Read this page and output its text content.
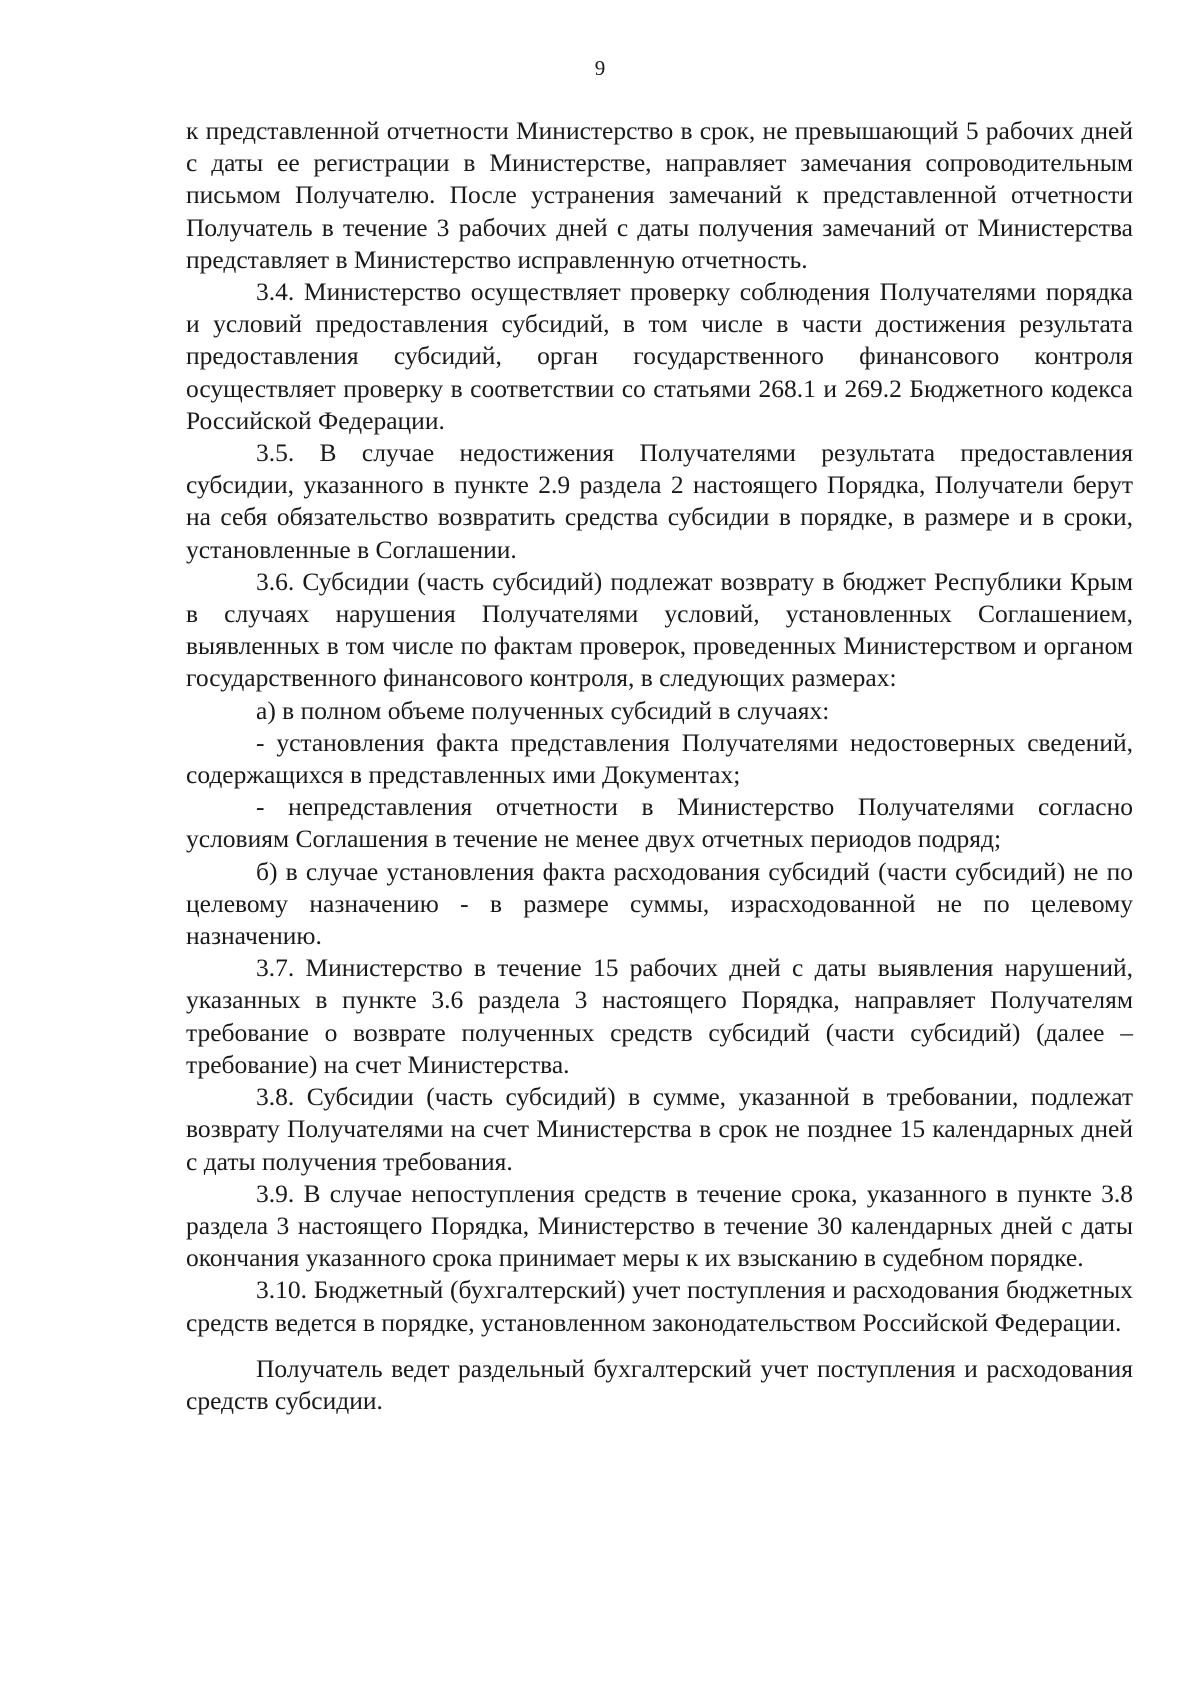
9

к представленной отчетности Министерство в срок, не превышающий 5 рабочих дней с даты ее регистрации в Министерстве, направляет замечания сопроводительным письмом Получателю. После устранения замечаний к представленной отчетности Получатель в течение 3 рабочих дней с даты получения замечаний от Министерства представляет в Министерство исправленную отчетность.

3.4. Министерство осуществляет проверку соблюдения Получателями порядка и условий предоставления субсидий, в том числе в части достижения результата предоставления субсидий, орган государственного финансового контроля осуществляет проверку в соответствии со статьями 268.1 и 269.2 Бюджетного кодекса Российской Федерации.

3.5. В случае недостижения Получателями результата предоставления субсидии, указанного в пункте 2.9 раздела 2 настоящего Порядка, Получатели берут на себя обязательство возвратить средства субсидии в порядке, в размере и в сроки, установленные в Соглашении.

3.6. Субсидии (часть субсидий) подлежат возврату в бюджет Республики Крым в случаях нарушения Получателями условий, установленных Соглашением, выявленных в том числе по фактам проверок, проведенных Министерством и органом государственного финансового контроля, в следующих размерах:

а) в полном объеме полученных субсидий в случаях:

- установления факта представления Получателями недостоверных сведений, содержащихся в представленных ими Документах;

- непредставления отчетности в Министерство Получателями согласно условиям Соглашения в течение не менее двух отчетных периодов подряд;

б) в случае установления факта расходования субсидий (части субсидий) не по целевому назначению - в размере суммы, израсходованной не по целевому назначению.

3.7. Министерство в течение 15 рабочих дней с даты выявления нарушений, указанных в пункте 3.6 раздела 3 настоящего Порядка, направляет Получателям требование о возврате полученных средств субсидий (части субсидий) (далее – требование) на счет Министерства.

3.8. Субсидии (часть субсидий) в сумме, указанной в требовании, подлежат возврату Получателями на счет Министерства в срок не позднее 15 календарных дней с даты получения требования.

3.9. В случае непоступления средств в течение срока, указанного в пункте 3.8 раздела 3 настоящего Порядка, Министерство в течение 30 календарных дней с даты окончания указанного срока принимает меры к их взысканию в судебном порядке.

3.10. Бюджетный (бухгалтерский) учет поступления и расходования бюджетных средств ведется в порядке, установленном законодательством Российской Федерации.

Получатель ведет раздельный бухгалтерский учет поступления и расходования средств субсидии.
